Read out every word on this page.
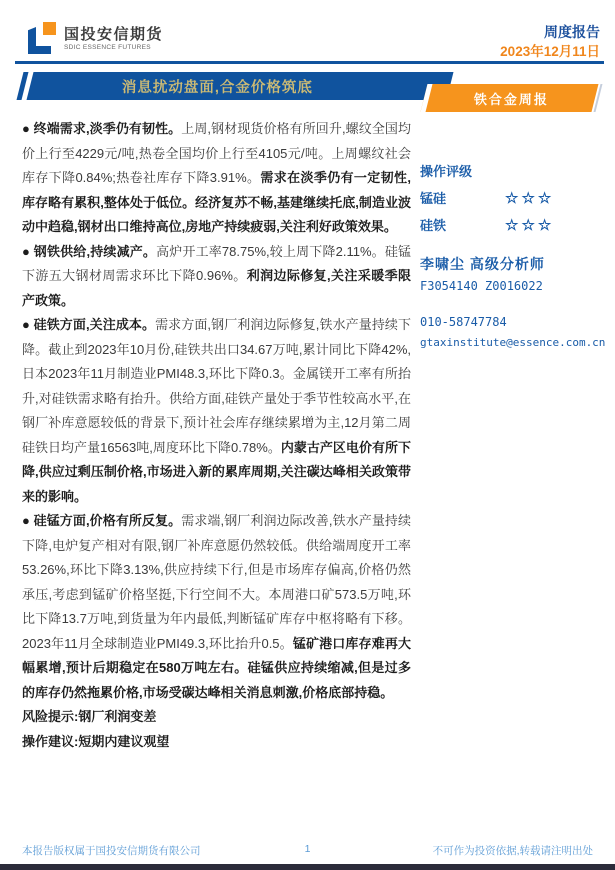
国投安信期货
SDIC ESSENCE FUTURES
周度报告
2023年12月11日
消息扰动盘面,合金价格筑底
铁合金周报

● 终端需求,淡季仍有韧性。上周,钢材现货价格有所回升,螺纹全国均价上行至4229元/吨,热卷全国均价上行至4105元/吨。上周螺纹社会库存下降0.84%;热卷社库存下降3.91%。需求在淡季仍有一定韧性,库存略有累积,整体处于低位。经济复苏不畅,基建继续托底,制造业波动中趋稳,钢材出口维持高位,房地产持续疲弱,关注利好政策效果。

● 钢铁供给,持续减产。高炉开工率78.75%,较上周下降2.11%。硅锰下游五大钢材周需求环比下降0.96%。利润边际修复,关注采暖季限产政策。

● 硅铁方面,关注成本。需求方面,钢厂利润边际修复,铁水产量持续下降。截止到2023年10月份,硅铁共出口34.67万吨,累计同比下降42%,日本2023年11月制造业PMI48.3,环比下降0.3。金属镁开工率有所抬升,对硅铁需求略有抬升。供给方面,硅铁产量处于季节性较高水平,在钢厂补库意愿较低的背景下,预计社会库存继续累增为主,12月第二周硅铁日均产量16563吨,周度环比下降0.78%。内蒙古产区电价有所下降,供应过剩压制价格,市场进入新的累库周期,关注碳达峰相关政策带来的影响。

● 硅锰方面,价格有所反复。需求端,钢厂利润边际改善,铁水产量持续下降,电炉复产相对有限,钢厂补库意愿仍然较低。供给端周度开工率53.26%,环比下降3.13%,供应持续下行,但是市场库存偏高,价格仍然承压,考虑到锰矿价格坚挺,下行空间不大。本周港口矿573.5万吨,环比下降13.7万吨,到货量为年内最低,判断锰矿库存中枢将略有下移。2023年11月全球制造业PMI49.3,环比抬升0.5。锰矿港口库存难再大幅累增,预计后期稳定在580万吨左右。硅锰供应持续缩减,但是过多的库存仍然拖累价格,市场受碳达峰相关消息刺激,价格底部持稳。

风险提示:钢厂利润变差

操作建议:短期内建议观望

操作评级
锰硅	☆☆☆
硅铁	☆☆☆
李啸尘 高级分析师
F3054140 Z0016022
010-58747784
gtaxinstitute@essence.com.cn
本报告版权属于国投安信期货有限公司	1	不可作为投资依据,转载请注明出处
